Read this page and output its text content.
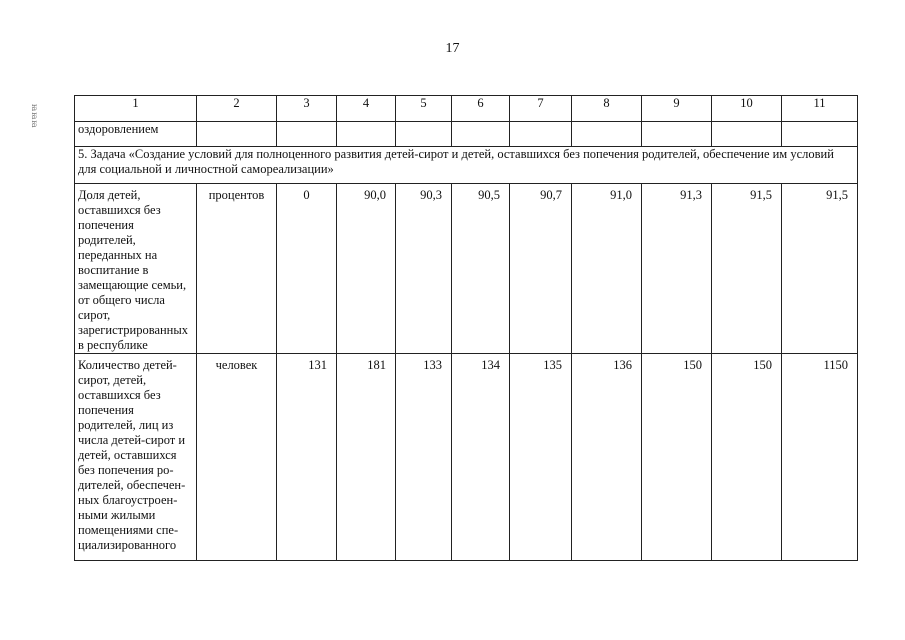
17
ꙗꙗꙗ
1	2	3	4	5	6	7	8	9	10	11
оздоровлением										
5. Задача «Создание условий для полноценного развития детей-сирот и детей, оставшихся без попечения родителей, обеспечение им условий для социальной и личностной самореализации»										
Доля детей, оставшихся без попечения родителей, переданных на воспитание в замещающие семьи, от общего числа сирот, зарегистрированных в республике	процентов	0	90,0	90,3	90,5	90,7	91,0	91,3	91,5	91,5
Количество детей-сирот, детей, оставшихся без попечения родителей, лиц из числа детей-сирот и детей, оставшихся без попечения ро-дителей, обеспечен-ных благоустроен-ными жилыми помещениями спе-циализированного	человек	131	181	133	134	135	136	150	150	1150
